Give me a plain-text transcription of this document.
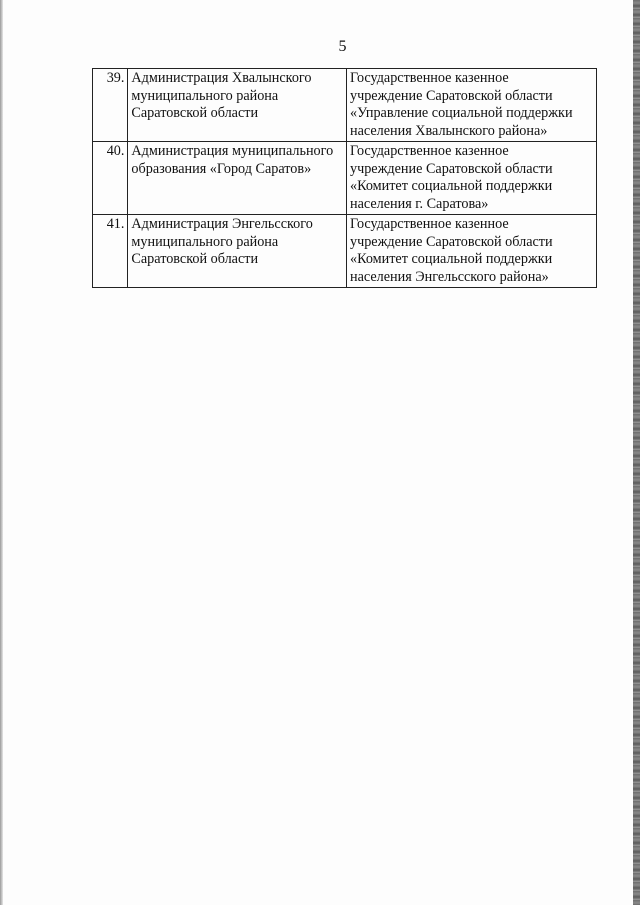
5
39.	Администрация Хвалынского
муниципального района
Саратовской области	Государственное казенное
учреждение Саратовской области
«Управление социальной поддержки
населения Хвалынского района»

40.	Администрация муниципального
образования «Город Саратов»	Государственное казенное
учреждение Саратовской области
«Комитет социальной поддержки
населения г. Саратова»

41.	Администрация Энгельсского
муниципального района
Саратовской области	Государственное казенное
учреждение Саратовской области
«Комитет социальной поддержки
населения Энгельсского района»
